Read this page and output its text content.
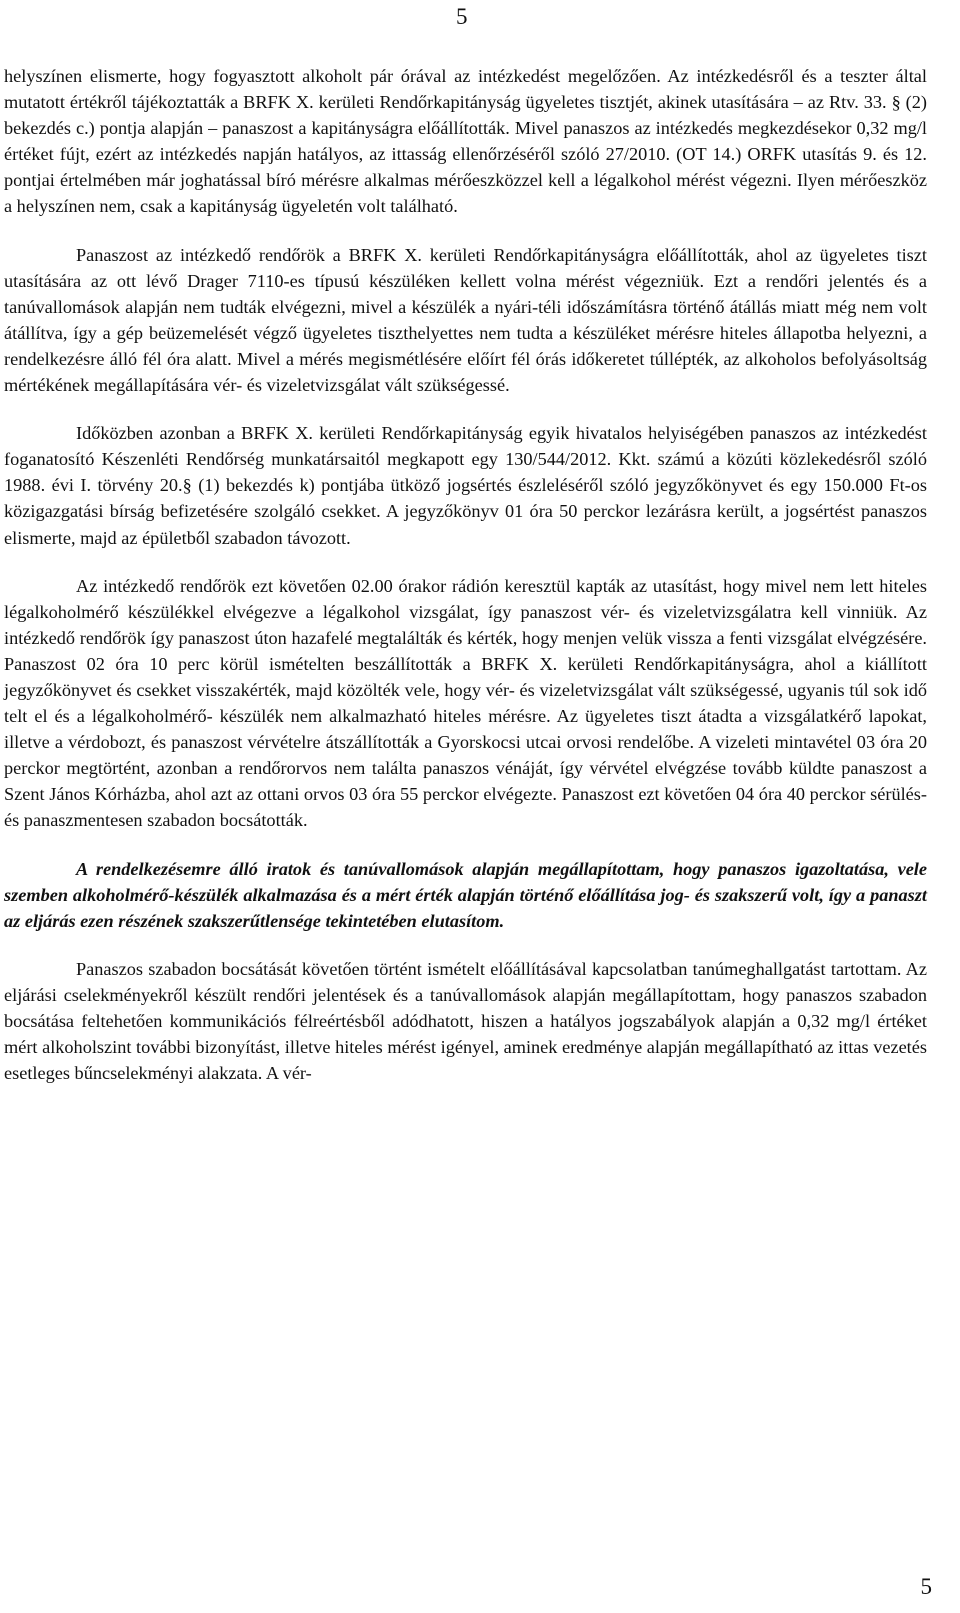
5

helyszínen elismerte, hogy fogyasztott alkoholt pár órával az intézkedést megelőzően. Az intézkedésről és a teszter által mutatott értékről tájékoztatták a BRFK X. kerületi Rendőrkapitányság ügyeletes tisztjét, akinek utasítására – az Rtv. 33. § (2) bekezdés c.) pontja alapján – panaszost a kapitányságra előállították. Mivel panaszos az intézkedés megkezdésekor 0,32 mg/l értéket fújt, ezért az intézkedés napján hatályos, az ittasság ellenőrzéséről szóló 27/2010. (OT 14.) ORFK utasítás 9. és 12. pontjai értelmében már joghatással bíró mérésre alkalmas mérőeszközzel kell a légalkohol mérést végezni. Ilyen mérőeszköz a helyszínen nem, csak a kapitányság ügyeletén volt található.

Panaszost az intézkedő rendőrök a BRFK X. kerületi Rendőrkapitányságra előállították, ahol az ügyeletes tiszt utasítására az ott lévő Drager 7110-es típusú készüléken kellett volna mérést végezniük. Ezt a rendőri jelentés és a tanúvallomások alapján nem tudták elvégezni, mivel a készülék a nyári-téli időszámításra történő átállás miatt még nem volt átállítva, így a gép beüzemelését végző ügyeletes tiszthelyettes nem tudta a készüléket mérésre hiteles állapotba helyezni, a rendelkezésre álló fél óra alatt. Mivel a mérés megismétlésére előírt fél órás időkeretet túllépték, az alkoholos befolyásoltság mértékének megállapítására vér- és vizeletvizsgálat vált szükségessé.

Időközben azonban a BRFK X. kerületi Rendőrkapitányság egyik hivatalos helyiségében panaszos az intézkedést foganatosító Készenléti Rendőrség munkatársaitól megkapott egy 130/544/2012. Kkt. számú a közúti közlekedésről szóló 1988. évi I. törvény 20.§ (1) bekezdés k) pontjába ütköző jogsértés észleléséről szóló jegyzőkönyvet és egy 150.000 Ft-os közigazgatási bírság befizetésére szolgáló csekket. A jegyzőkönyv 01 óra 50 perckor lezárásra került, a jogsértést panaszos elismerte, majd az épületből szabadon távozott.

Az intézkedő rendőrök ezt követően 02.00 órakor rádión keresztül kapták az utasítást, hogy mivel nem lett hiteles légalkoholmérő készülékkel elvégezve a légalkohol vizsgálat, így panaszost vér- és vizeletvizsgálatra kell vinniük. Az intézkedő rendőrök így panaszost úton hazafelé megtalálták és kérték, hogy menjen velük vissza a fenti vizsgálat elvégzésére. Panaszost 02 óra 10 perc körül ismételten beszállították a BRFK X. kerületi Rendőrkapitányságra, ahol a kiállított jegyzőkönyvet és csekket visszakérték, majd közölték vele, hogy vér- és vizeletvizsgálat vált szükségessé, ugyanis túl sok idő telt el és a légalkoholmérő- készülék nem alkalmazható hiteles mérésre. Az ügyeletes tiszt átadta a vizsgálatkérő lapokat, illetve a vérdobozt, és panaszost vérvételre átszállították a Gyorskocsi utcai orvosi rendelőbe. A vizeleti mintavétel 03 óra 20 perckor megtörtént, azonban a rendőrorvos nem találta panaszos vénáját, így vérvétel elvégzése tovább küldte panaszost a Szent János Kórházba, ahol azt az ottani orvos 03 óra 55 perckor elvégezte. Panaszost ezt követően 04 óra 40 perckor sérülés- és panaszmentesen szabadon bocsátották.

A rendelkezésemre álló iratok és tanúvallomások alapján megállapítottam, hogy panaszos igazoltatása, vele szemben alkoholmérő-készülék alkalmazása és a mért érték alapján történő előállítása jog- és szakszerű volt, így a panaszt az eljárás ezen részének szakszerűtlensége tekintetében elutasítom.

Panaszos szabadon bocsátását követően történt ismételt előállításával kapcsolatban tanúmeghallgatást tartottam. Az eljárási cselekményekről készült rendőri jelentések és a tanúvallomások alapján megállapítottam, hogy panaszos szabadon bocsátása feltehetően kommunikációs félreértésből adódhatott, hiszen a hatályos jogszabályok alapján a 0,32 mg/l értéket mért alkoholszint további bizonyítást, illetve hiteles mérést igényel, aminek eredménye alapján megállapítható az ittas vezetés esetleges bűncselekményi alakzata. A vér-

5
